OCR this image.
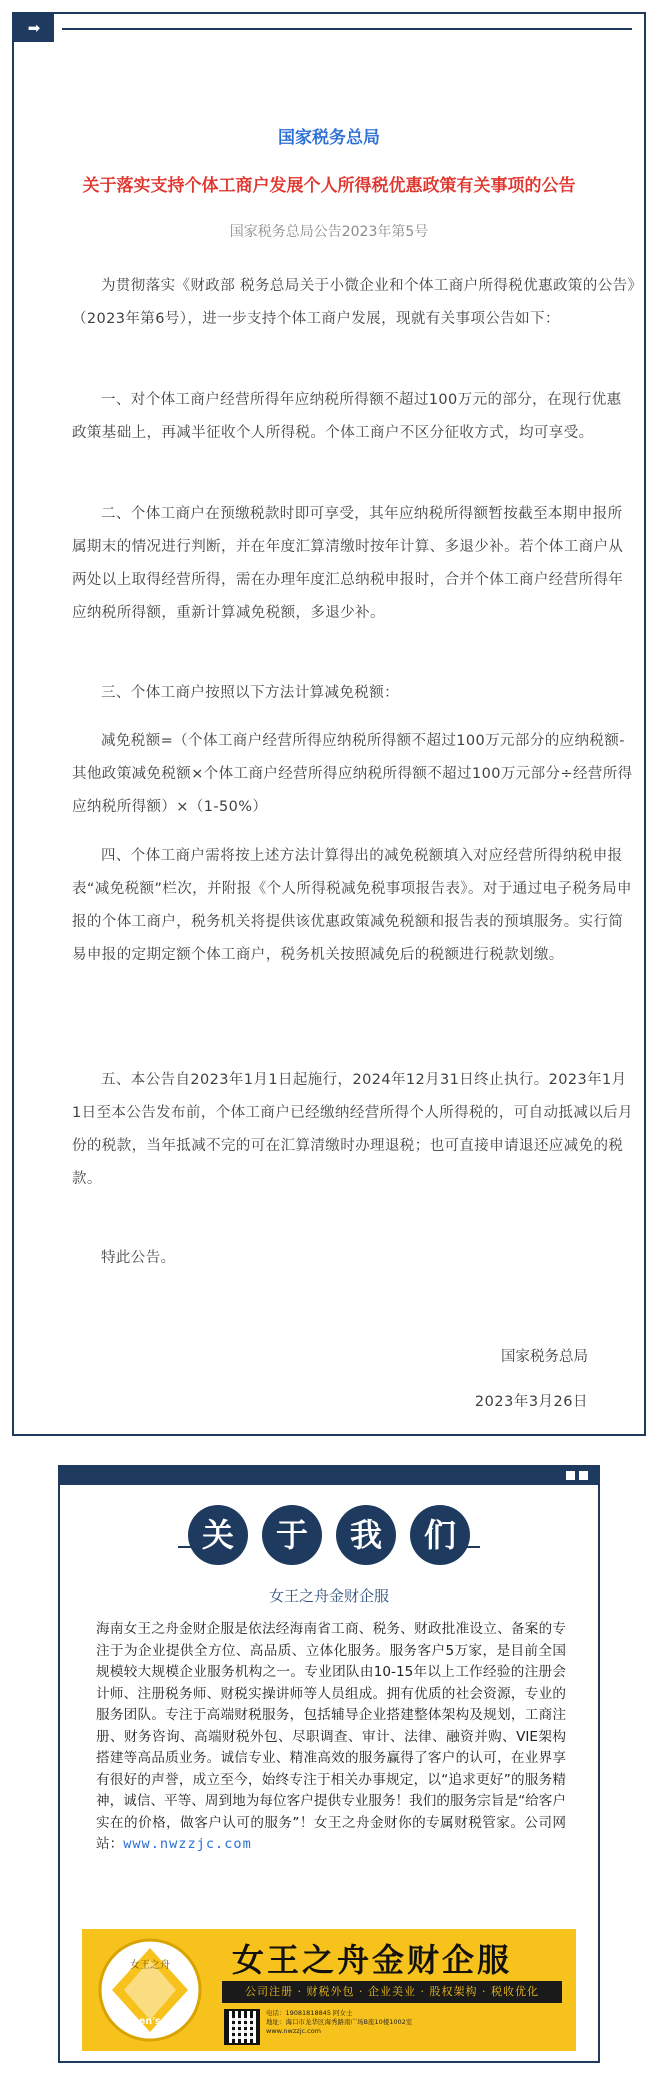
➡
国家税务总局
关于落实支持个体工商户发展个人所得税优惠政策有关事项的公告
国家税务总局公告2023年第5号

为贯彻落实《财政部 税务总局关于小微企业和个体工商户所得税优惠政策的公告》（2023年第6号），进一步支持个体工商户发展，现就有关事项公告如下：

一、对个体工商户经营所得年应纳税所得额不超过100万元的部分，在现行优惠政策基础上，再减半征收个人所得税。个体工商户不区分征收方式，均可享受。

二、个体工商户在预缴税款时即可享受，其年应纳税所得额暂按截至本期申报所属期末的情况进行判断，并在年度汇算清缴时按年计算、多退少补。若个体工商户从两处以上取得经营所得，需在办理年度汇总纳税申报时，合并个体工商户经营所得年应纳税所得额，重新计算减免税额，多退少补。

三、个体工商户按照以下方法计算减免税额：

减免税额=（个体工商户经营所得应纳税所得额不超过100万元部分的应纳税额-其他政策减免税额×个体工商户经营所得应纳税所得额不超过100万元部分÷经营所得应纳税所得额）×（1-50%）

四、个体工商户需将按上述方法计算得出的减免税额填入对应经营所得纳税申报表“减免税额”栏次，并附报《个人所得税减免税事项报告表》。对于通过电子税务局申报的个体工商户，税务机关将提供该优惠政策减免税额和报告表的预填服务。实行简易申报的定期定额个体工商户，税务机关按照减免后的税额进行税款划缴。

五、本公告自2023年1月1日起施行，2024年12月31日终止执行。2023年1月1日至本公告发布前，个体工商户已经缴纳经营所得个人所得税的，可自动抵减以后月份的税款，当年抵减不完的可在汇算清缴时办理退税；也可直接申请退还应减免的税款。

特此公告。

国家税务总局
2023年3月26日
关	于	我	们
女王之舟金财企服
海南女王之舟金财企服是依法经海南省工商、税务、财政批准设立、备案的专注于为企业提供全方位、高品质、立体化服务。服务客户5万家，是目前全国规模较大规模企业服务机构之一。专业团队由10-15年以上工作经验的注册会计师、注册税务师、财税实操讲师等人员组成。拥有优质的社会资源，专业的服务团队。专注于高端财税服务，包括辅导企业搭建整体架构及规划，工商注册、财务咨询、高端财税外包、尽职调查、审计、法律、融资并购、VIE架构搭建等高品质业务。诚信专业、精准高效的服务赢得了客户的认可，在业界享有很好的声誉，成立至今，始终专注于相关办事规定，以“追求更好”的服务精神，诚信、平等、周到地为每位客户提供专业服务！我们的服务宗旨是“给客户实在的价格，做客户认可的服务”！女王之舟金财你的专属财税管家。公司网站：www.nwzzjc.com
女王之舟
Queen's Ark
女王之舟金财企服
公司注册 · 财税外包 · 企业美业 · 股权架构 · 税收优化
电话：19081818845 阿女士
地址：海口市龙华区海秀路南广场B座10楼1002室
www.nwzzjc.com
